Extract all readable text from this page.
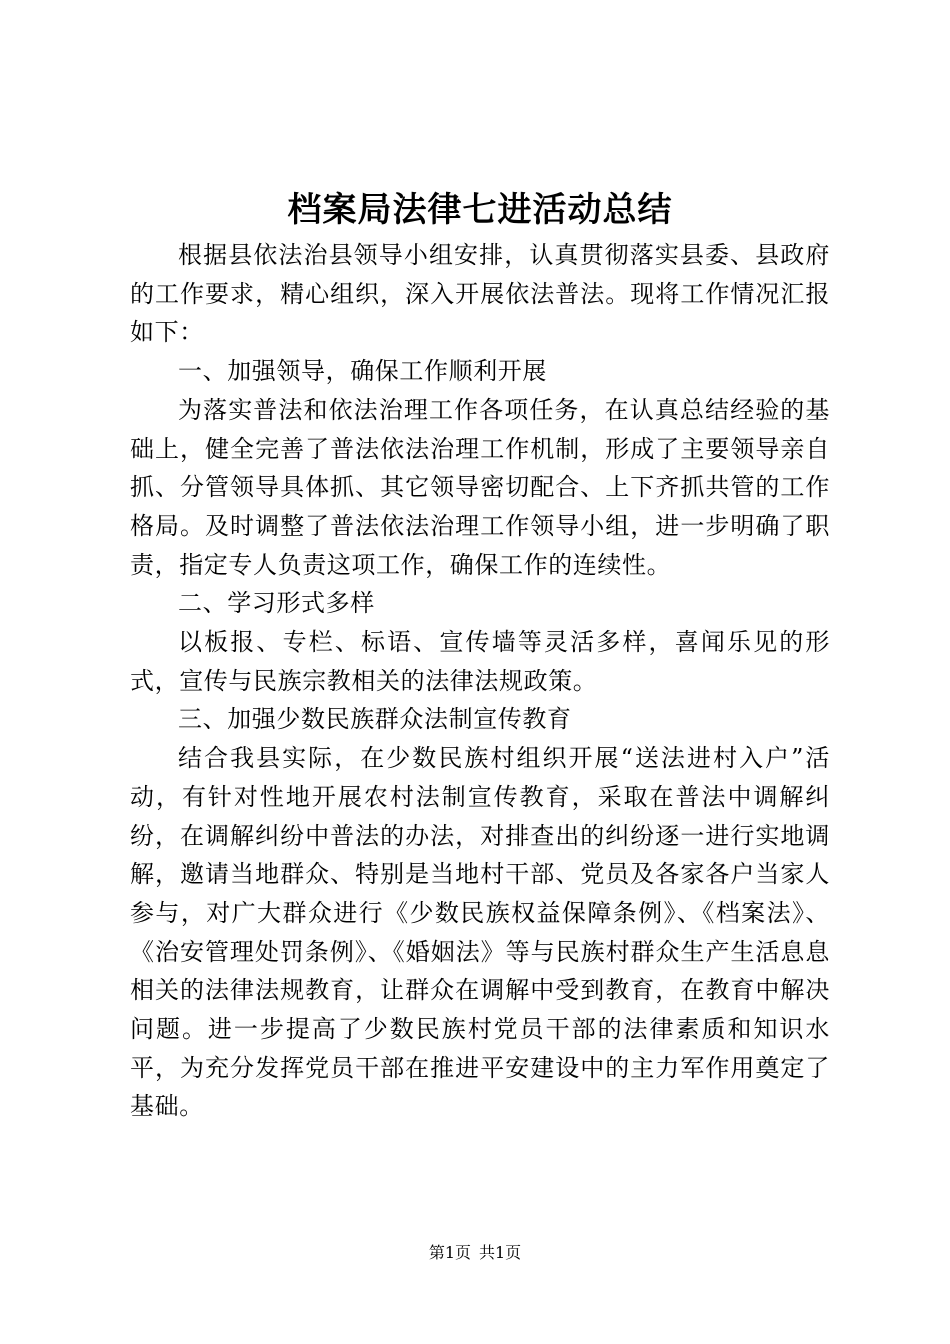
档案局法律七进活动总结

根据县依法治县领导小组安排，认真贯彻落实县委、县政府的工作要求，精心组织，深入开展依法普法。现将工作情况汇报如下：

一、加强领导，确保工作顺利开展

为落实普法和依法治理工作各项任务，在认真总结经验的基础上，健全完善了普法依法治理工作机制，形成了主要领导亲自抓、分管领导具体抓、其它领导密切配合、上下齐抓共管的工作格局。及时调整了普法依法治理工作领导小组，进一步明确了职责，指定专人负责这项工作，确保工作的连续性。

二、学习形式多样

以板报、专栏、标语、宣传墙等灵活多样，喜闻乐见的形式，宣传与民族宗教相关的法律法规政策。

三、加强少数民族群众法制宣传教育

结合我县实际，在少数民族村组织开展“送法进村入户”活动，有针对性地开展农村法制宣传教育，采取在普法中调解纠纷，在调解纠纷中普法的办法，对排查出的纠纷逐一进行实地调解，邀请当地群众、特别是当地村干部、党员及各家各户当家人参与，对广大群众进行《少数民族权益保障条例》、《档案法》、《治安管理处罚条例》、《婚姻法》等与民族村群众生产生活息息相关的法律法规教育，让群众在调解中受到教育，在教育中解决问题。进一步提高了少数民族村党员干部的法律素质和知识水平，为充分发挥党员干部在推进平安建设中的主力军作用奠定了基础。

第1页 共1页
